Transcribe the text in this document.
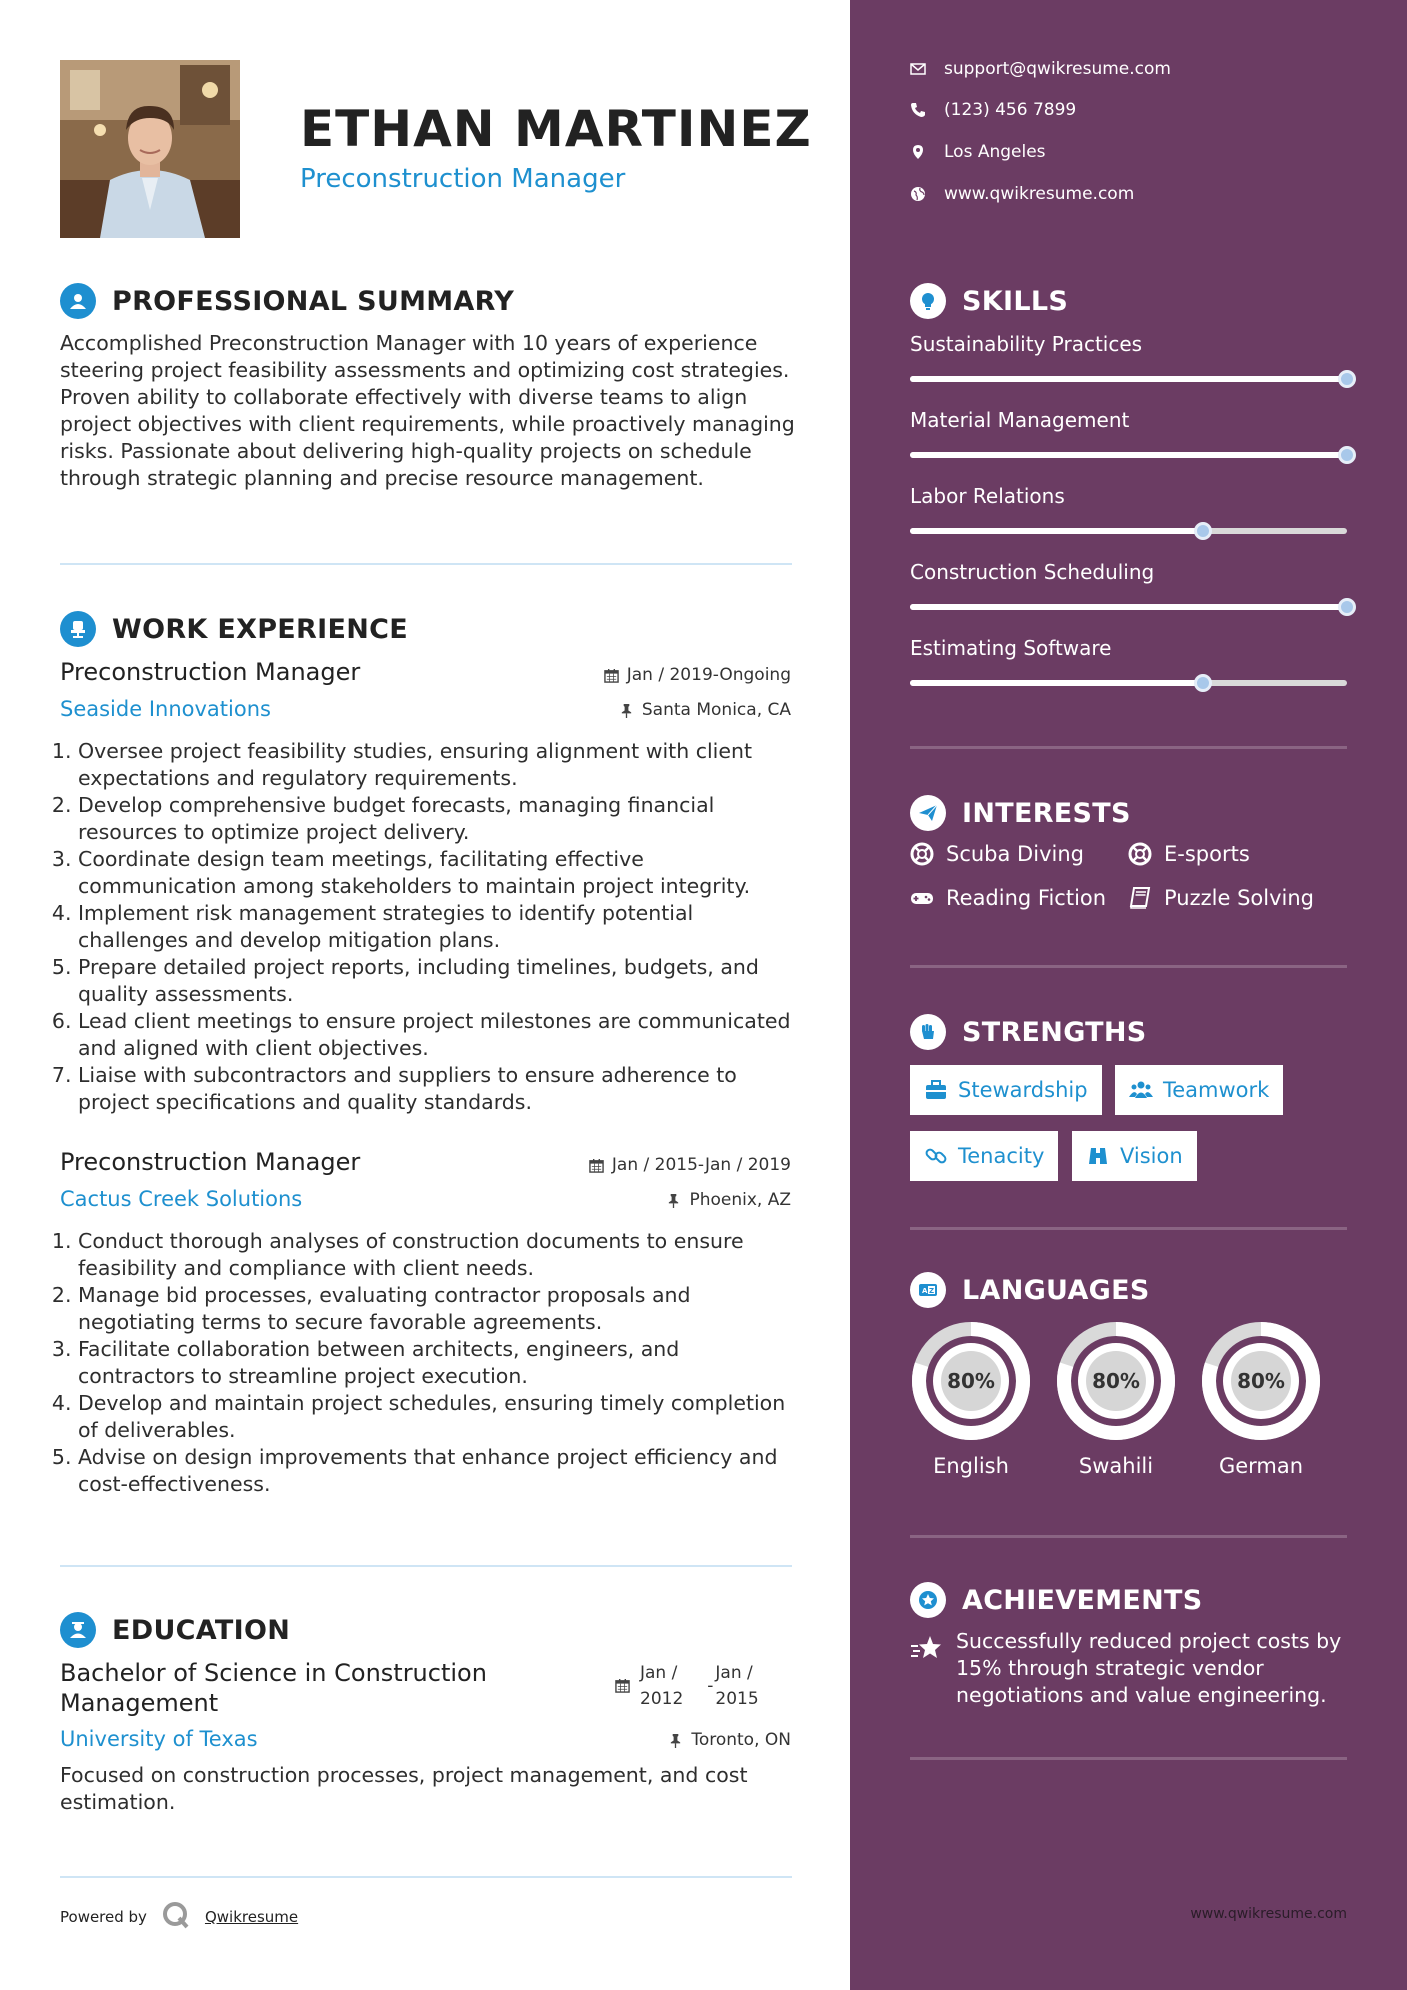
ETHAN MARTINEZ
Preconstruction Manager
PROFESSIONAL SUMMARY
Accomplished Preconstruction Manager with 10 years of experience steering project feasibility assessments and optimizing cost strategies. Proven ability to collaborate effectively with diverse teams to align project objectives with client requirements, while proactively managing risks. Passionate about delivering high-quality projects on schedule through strategic planning and precise resource management.
WORK EXPERIENCE
Preconstruction Manager	Jan / 2019-Ongoing
Seaside Innovations	Santa Monica, CA
1. Oversee project feasibility studies, ensuring alignment with client expectations and regulatory requirements.
2. Develop comprehensive budget forecasts, managing financial resources to optimize project delivery.
3. Coordinate design team meetings, facilitating effective communication among stakeholders to maintain project integrity.
4. Implement risk management strategies to identify potential challenges and develop mitigation plans.
5. Prepare detailed project reports, including timelines, budgets, and quality assessments.
6. Lead client meetings to ensure project milestones are communicated and aligned with client objectives.
7. Liaise with subcontractors and suppliers to ensure adherence to project specifications and quality standards.
Preconstruction Manager	Jan / 2015-Jan / 2019
Cactus Creek Solutions	Phoenix, AZ
1. Conduct thorough analyses of construction documents to ensure feasibility and compliance with client needs.
2. Manage bid processes, evaluating contractor proposals and negotiating terms to secure favorable agreements.
3. Facilitate collaboration between architects, engineers, and contractors to streamline project execution.
4. Develop and maintain project schedules, ensuring timely completion of deliverables.
5. Advise on design improvements that enhance project efficiency and cost-effectiveness.
EDUCATION
Bachelor of Science in Construction Management
Jan /
2012
-
Jan /
2015
University of Texas	Toronto, ON
Focused on construction processes, project management, and cost estimation.
Powered by	Qwikresume
support@qwikresume.com
(123) 456 7899
Los Angeles
www.qwikresume.com
SKILLS
Sustainability Practices
Material Management
Labor Relations
Construction Scheduling
Estimating Software
INTERESTS
Scuba Diving	E-sports
Reading Fiction	Puzzle Solving
STRENGTHS
Stewardship	Teamwork
Tenacity	Vision
A Z LANGUAGES
80%
English
80%
Swahili
80%
German
ACHIEVEMENTS
Successfully reduced project costs by 15% through strategic vendor negotiations and value engineering.
www.qwikresume.com
